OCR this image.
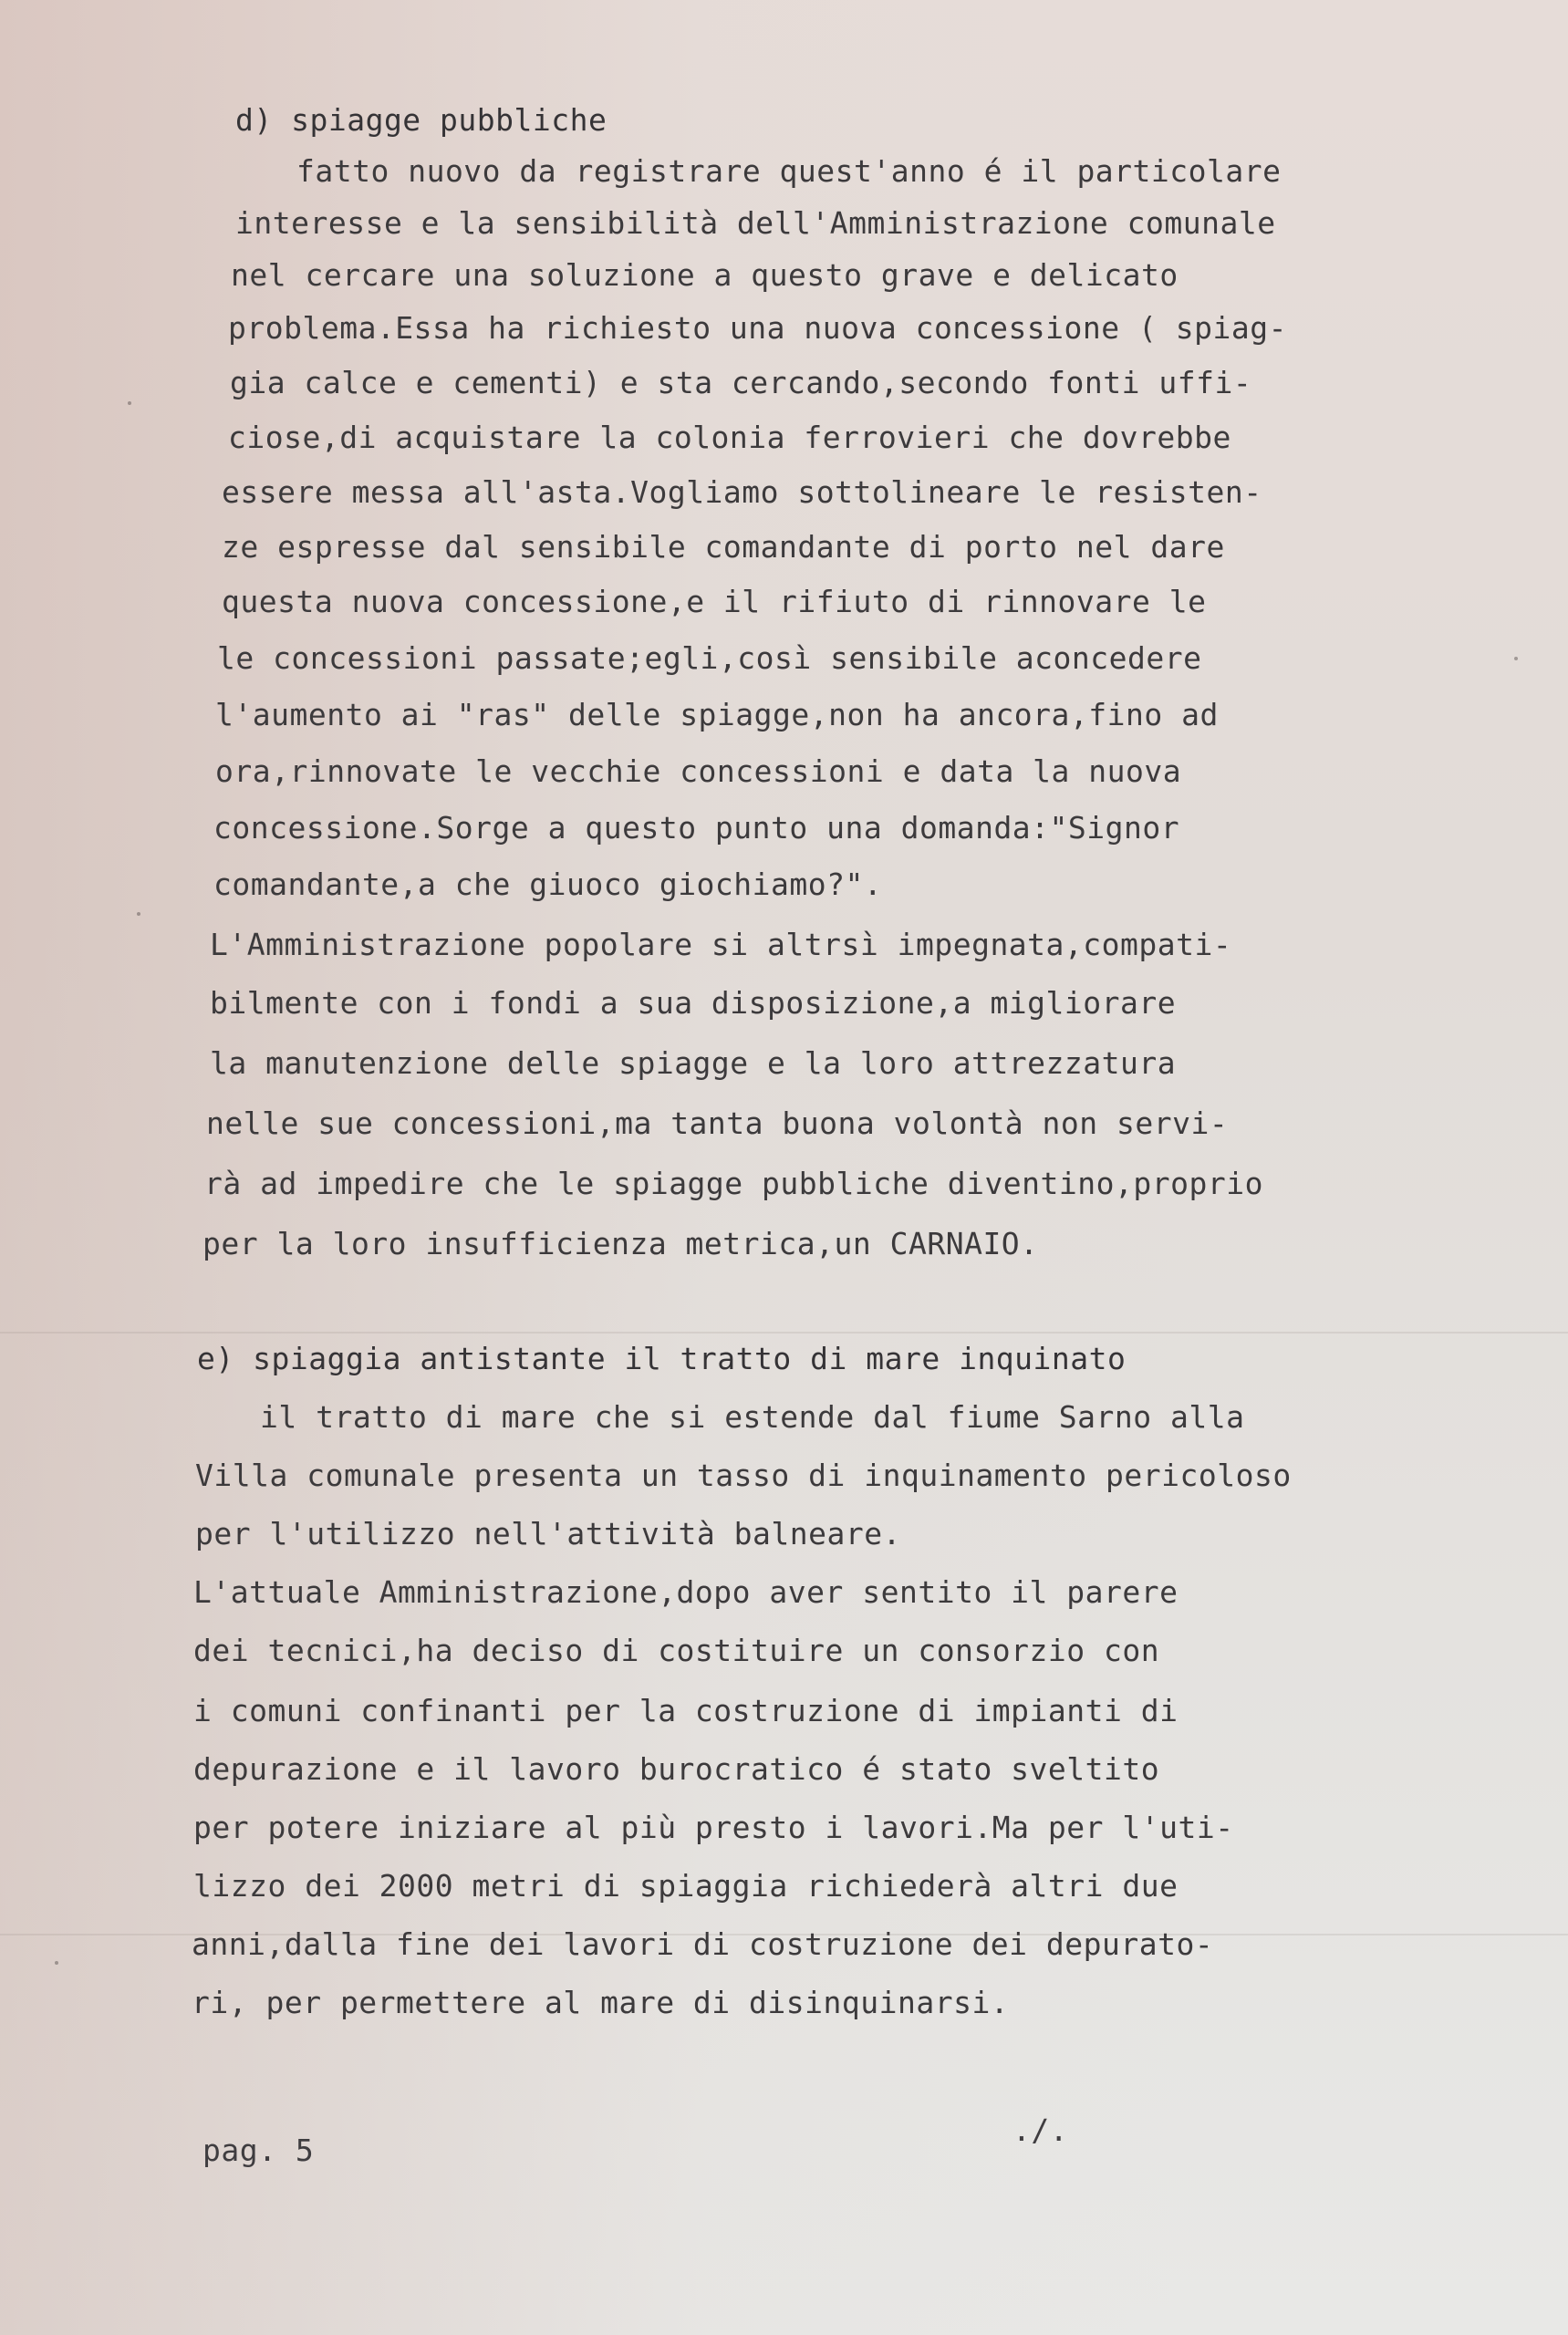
d) spiagge pubbliche
fatto nuovo da registrare quest'anno é il particolare
interesse e la sensibilità dell'Amministrazione comunale
nel cercare una soluzione a questo grave e delicato
problema.Essa ha richiesto una nuova concessione ( spiag-
gia calce e cementi) e sta cercando,secondo fonti uffi-
ciose,di acquistare la colonia ferrovieri che dovrebbe
essere messa all'asta.Vogliamo sottolineare le resisten-
ze espresse dal sensibile comandante di porto nel dare
questa nuova concessione,e il rifiuto di rinnovare le
le concessioni passate;egli,così sensibile aconcedere
l'aumento ai "ras" delle spiagge,non ha ancora,fino ad
ora,rinnovate le vecchie concessioni e data la nuova
concessione.Sorge a questo punto una domanda:"Signor
comandante,a che giuoco giochiamo?".
L'Amministrazione popolare si altrsì impegnata,compati-
bilmente con i fondi a sua disposizione,a migliorare
la manutenzione delle spiagge e la loro attrezzatura
nelle sue concessioni,ma tanta buona volontà non servi-
rà ad impedire che le spiagge pubbliche diventino,proprio
per la loro insufficienza metrica,un CARNAIO.
e) spiaggia antistante il tratto di mare inquinato
il tratto di mare che si estende dal fiume Sarno alla
Villa comunale presenta un tasso di inquinamento pericoloso
per l'utilizzo nell'attività balneare.
L'attuale Amministrazione,dopo aver sentito il parere
dei tecnici,ha deciso di costituire un consorzio con
i comuni confinanti per la costruzione di impianti di
depurazione e il lavoro burocratico é stato sveltito
per potere iniziare al più presto i lavori.Ma per l'uti-
lizzo dei 2000 metri di spiaggia richiederà altri due
anni,dalla fine dei lavori di costruzione dei depurato-
ri, per permettere al mare di disinquinarsi.
pag. 5
./.
